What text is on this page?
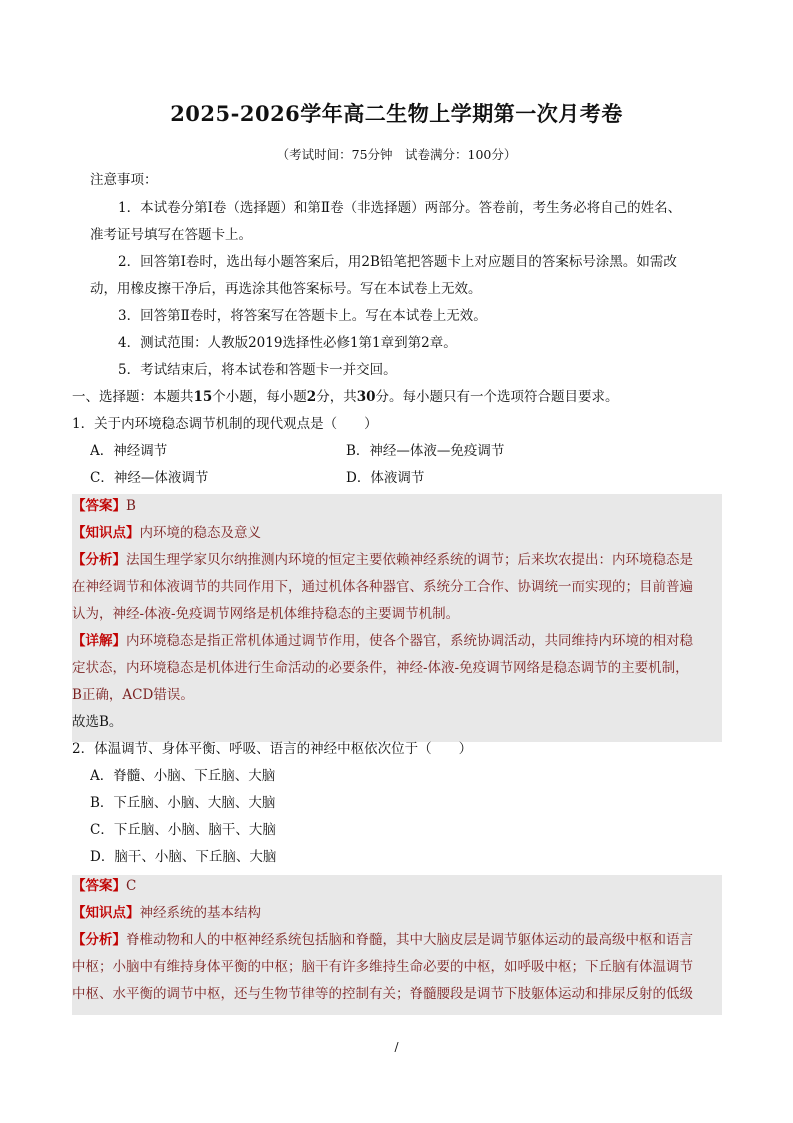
2025-2026学年高二生物上学期第一次月考卷
（考试时间：75分钟　试卷满分：100分）
注意事项：
1．本试卷分第Ⅰ卷（选择题）和第Ⅱ卷（非选择题）两部分。答卷前，考生务必将自己的姓名、
准考证号填写在答题卡上。
2．回答第Ⅰ卷时，选出每小题答案后，用2B铅笔把答题卡上对应题目的答案标号涂黑。如需改
动，用橡皮擦干净后，再选涂其他答案标号。写在本试卷上无效。
3．回答第Ⅱ卷时，将答案写在答题卡上。写在本试卷上无效。
4．测试范围：人教版2019选择性必修1第1章到第2章。
5．考试结束后，将本试卷和答题卡一并交回。
一、选择题：本题共15个小题，每小题2分，共30分。每小题只有一个选项符合题目要求。
1．关于内环境稳态调节机制的现代观点是（　　）
A．神经调节	B．神经—体液—免疫调节
C．神经—体液调节	D．体液调节
【答案】B
【知识点】内环境的稳态及意义
【分析】法国生理学家贝尔纳推测内环境的恒定主要依赖神经系统的调节；后来坎农提出：内环境稳态是
在神经调节和体液调节的共同作用下，通过机体各种器官、系统分工合作、协调统一而实现的；目前普遍
认为，神经-体液-免疫调节网络是机体维持稳态的主要调节机制。
【详解】内环境稳态是指正常机体通过调节作用，使各个器官，系统协调活动，共同维持内环境的相对稳
定状态，内环境稳态是机体进行生命活动的必要条件，神经-体液-免疫调节网络是稳态调节的主要机制，
B正确，ACD错误。
故选B。
2．体温调节、身体平衡、呼吸、语言的神经中枢依次位于（　　）
A．脊髓、小脑、下丘脑、大脑
B．下丘脑、小脑、大脑、大脑
C．下丘脑、小脑、脑干、大脑
D．脑干、小脑、下丘脑、大脑
【答案】C
【知识点】神经系统的基本结构
【分析】脊椎动物和人的中枢神经系统包括脑和脊髓，其中大脑皮层是调节躯体运动的最高级中枢和语言
中枢；小脑中有维持身体平衡的中枢；脑干有许多维持生命必要的中枢，如呼吸中枢；下丘脑有体温调节
中枢、水平衡的调节中枢，还与生物节律等的控制有关；脊髓腰段是调节下肢躯体运动和排尿反射的低级
/
